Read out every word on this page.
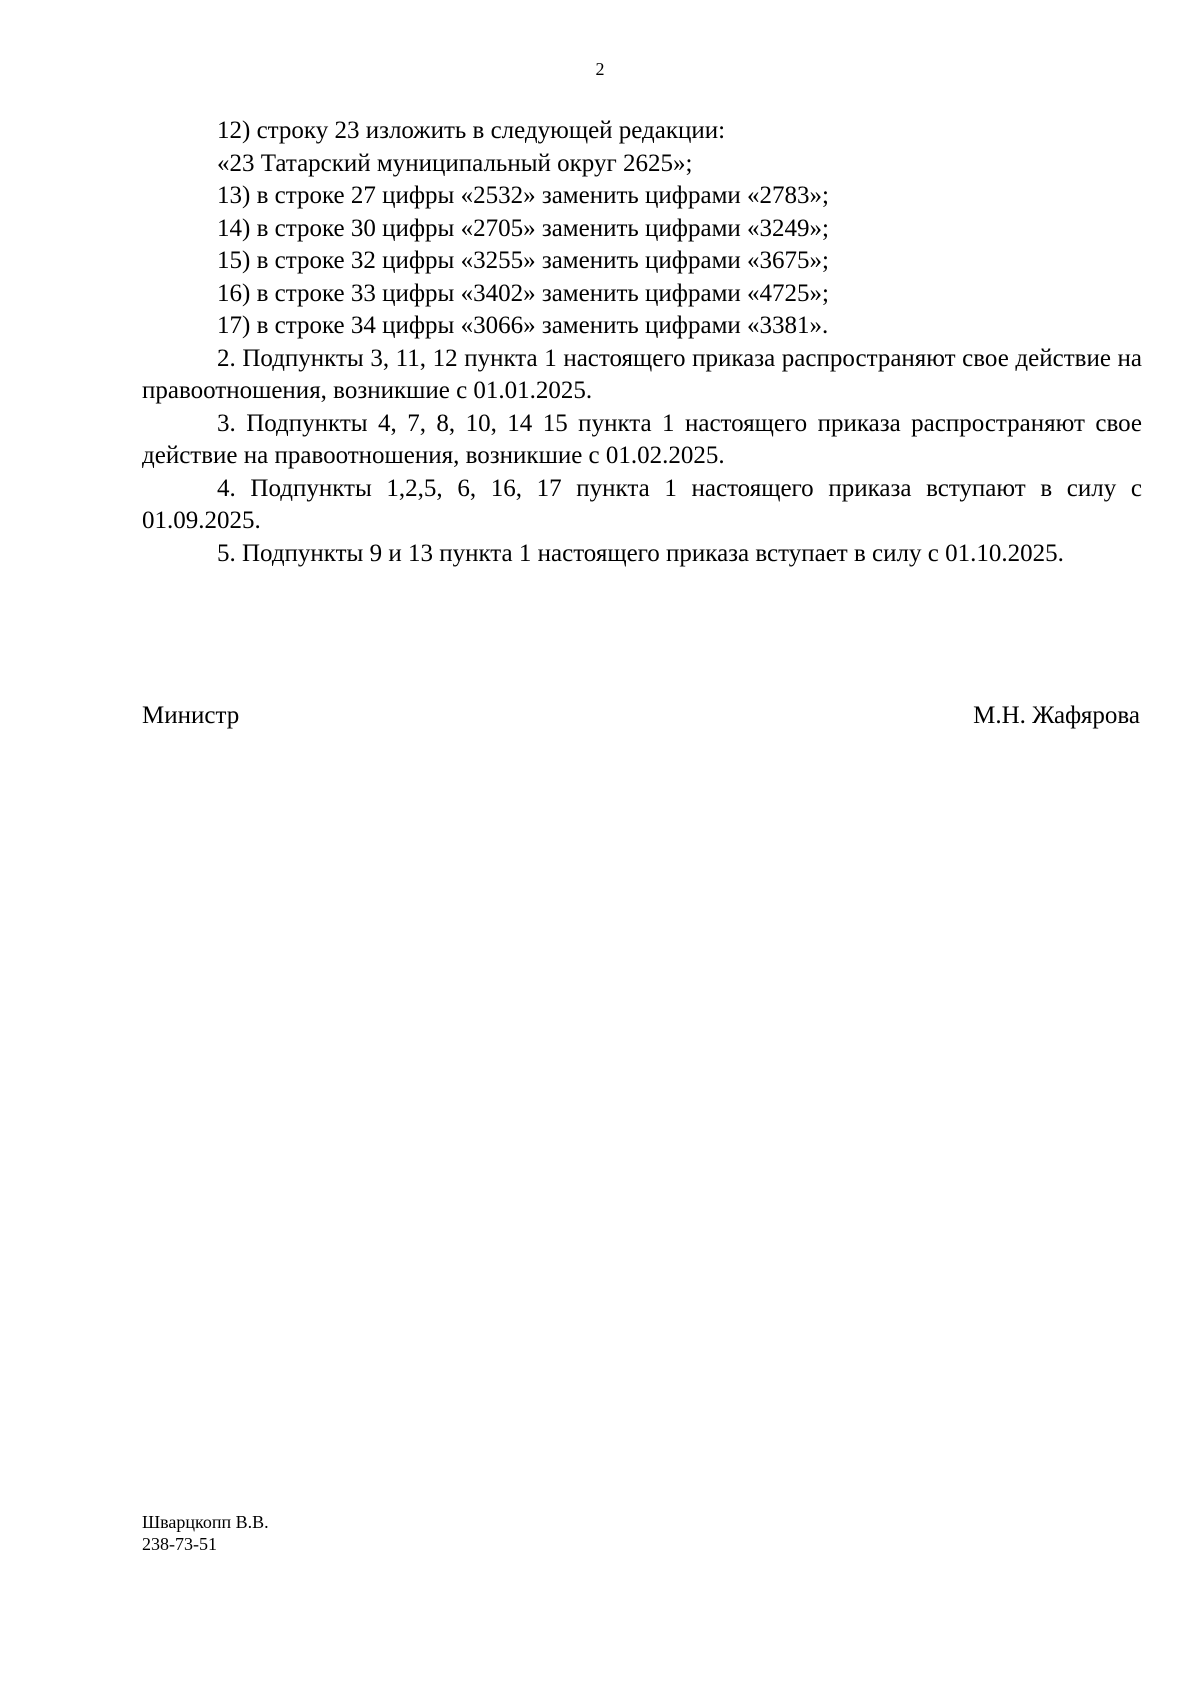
2

12) строку 23 изложить в следующей редакции:

«23 Татарский муниципальный округ 2625»;

13) в строке 27 цифры «2532» заменить цифрами «2783»;

14) в строке 30 цифры «2705» заменить цифрами «3249»;

15) в строке 32 цифры «3255» заменить цифрами «3675»;

16) в строке 33 цифры «3402» заменить цифрами «4725»;

17) в строке 34 цифры «3066» заменить цифрами «3381».

2. Подпункты 3, 11, 12 пункта 1 настоящего приказа распространяют свое действие на правоотношения, возникшие с 01.01.2025.

3. Подпункты 4, 7, 8, 10, 14 15 пункта 1 настоящего приказа распространяют свое действие на правоотношения, возникшие с 01.02.2025.

4. Подпункты 1,2,5, 6, 16, 17 пункта 1 настоящего приказа вступают в силу с 01.09.2025.

5. Подпункты 9 и 13 пункта 1 настоящего приказа вступает в силу с 01.10.2025.

Министр	М.Н. Жафярова
Шварцкопп В.В.
238-73-51
